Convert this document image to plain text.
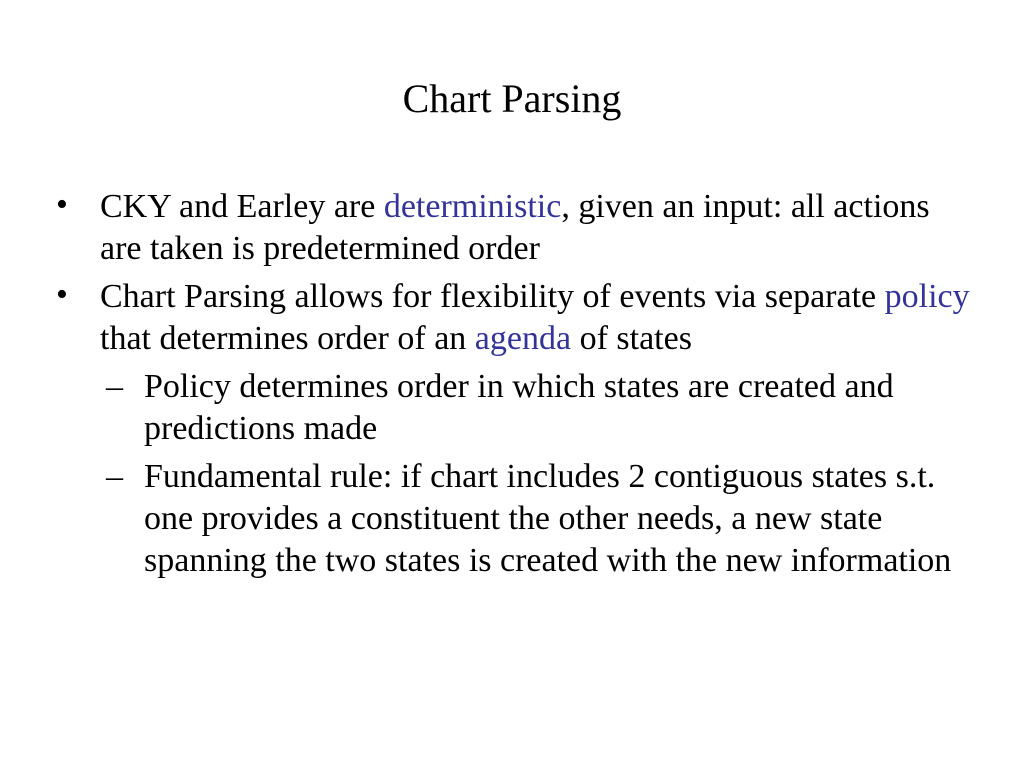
Chart Parsing

• CKY and Earley are deterministic, given an input: all actions are taken is predetermined order

• Chart Parsing allows for flexibility of events via separate policy that determines order of an agenda of states

– Policy determines order in which states are created and predictions made

– Fundamental rule: if chart includes 2 contiguous states s.t. one provides a constituent the other needs, a new state spanning the two states is created with the new information
